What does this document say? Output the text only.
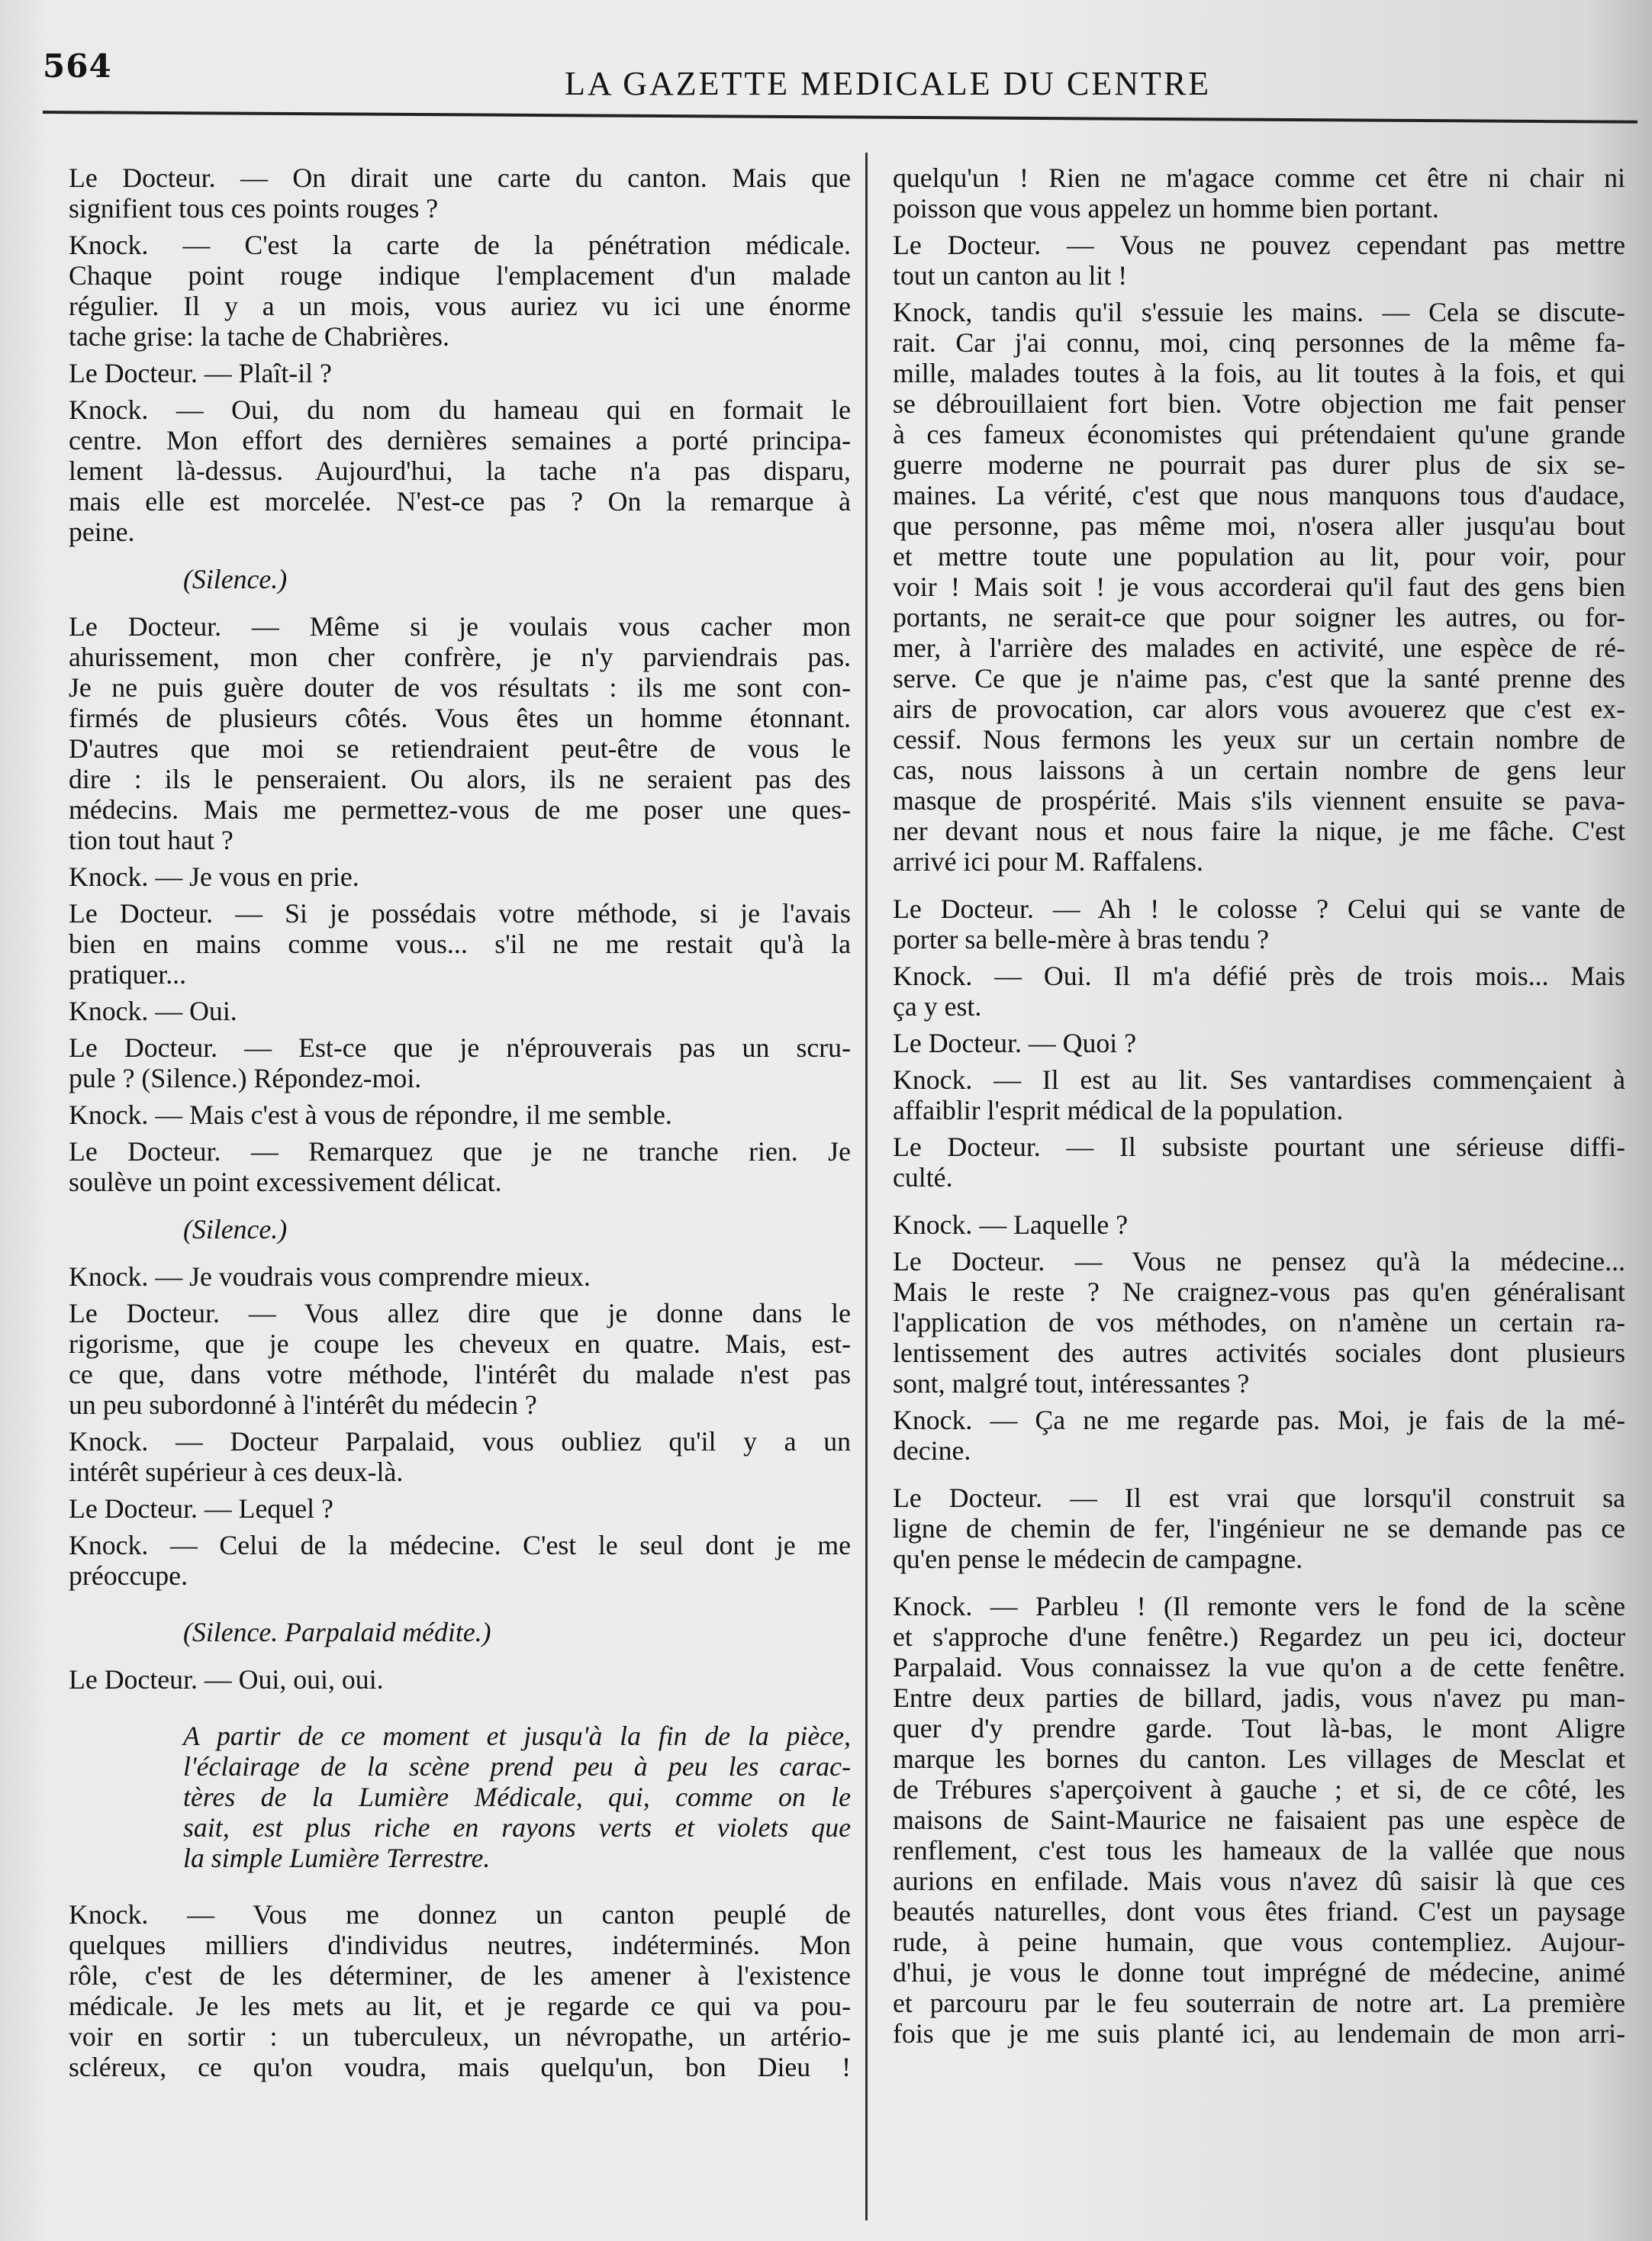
564	LA GAZETTE MEDICALE DU CENTRE
Le Docteur. — On dirait une carte du canton. Mais que
signifient tous ces points rouges ?
Knock. — C'est la carte de la pénétration médicale.
Chaque point rouge indique l'emplacement d'un malade
régulier. Il y a un mois, vous auriez vu ici une énorme
tache grise: la tache de Chabrières.
Le Docteur. — Plaît-il ?
Knock. — Oui, du nom du hameau qui en formait le
centre. Mon effort des dernières semaines a porté principa-
lement là-dessus. Aujourd'hui, la tache n'a pas disparu,
mais elle est morcelée. N'est-ce pas ? On la remarque à
peine.
(Silence.)
Le Docteur. — Même si je voulais vous cacher mon
ahurissement, mon cher confrère, je n'y parviendrais pas.
Je ne puis guère douter de vos résultats : ils me sont con-
firmés de plusieurs côtés. Vous êtes un homme étonnant.
D'autres que moi se retiendraient peut-être de vous le
dire : ils le penseraient. Ou alors, ils ne seraient pas des
médecins. Mais me permettez-vous de me poser une ques-
tion tout haut ?
Knock. — Je vous en prie.
Le Docteur. — Si je possédais votre méthode, si je l'avais
bien en mains comme vous... s'il ne me restait qu'à la
pratiquer...
Knock. — Oui.
Le Docteur. — Est-ce que je n'éprouverais pas un scru-
pule ? (Silence.) Répondez-moi.
Knock. — Mais c'est à vous de répondre, il me semble.
Le Docteur. — Remarquez que je ne tranche rien. Je
soulève un point excessivement délicat.
(Silence.)
Knock. — Je voudrais vous comprendre mieux.
Le Docteur. — Vous allez dire que je donne dans le
rigorisme, que je coupe les cheveux en quatre. Mais, est-
ce que, dans votre méthode, l'intérêt du malade n'est pas
un peu subordonné à l'intérêt du médecin ?
Knock. — Docteur Parpalaid, vous oubliez qu'il y a un
intérêt supérieur à ces deux-là.
Le Docteur. — Lequel ?
Knock. — Celui de la médecine. C'est le seul dont je me
préoccupe.
(Silence. Parpalaid médite.)
Le Docteur. — Oui, oui, oui.
A partir de ce moment et jusqu'à la fin de la pièce,
l'éclairage de la scène prend peu à peu les carac-
tères de la Lumière Médicale, qui, comme on le
sait, est plus riche en rayons verts et violets que
la simple Lumière Terrestre.
Knock. — Vous me donnez un canton peuplé de
quelques milliers d'individus neutres, indéterminés. Mon
rôle, c'est de les déterminer, de les amener à l'existence
médicale. Je les mets au lit, et je regarde ce qui va pou-
voir en sortir : un tuberculeux, un névropathe, un artério-
scléreux, ce qu'on voudra, mais quelqu'un, bon Dieu !
quelqu'un ! Rien ne m'agace comme cet être ni chair ni
poisson que vous appelez un homme bien portant.
Le Docteur. — Vous ne pouvez cependant pas mettre
tout un canton au lit !
Knock, tandis qu'il s'essuie les mains. — Cela se discute-
rait. Car j'ai connu, moi, cinq personnes de la même fa-
mille, malades toutes à la fois, au lit toutes à la fois, et qui
se débrouillaient fort bien. Votre objection me fait penser
à ces fameux économistes qui prétendaient qu'une grande
guerre moderne ne pourrait pas durer plus de six se-
maines. La vérité, c'est que nous manquons tous d'audace,
que personne, pas même moi, n'osera aller jusqu'au bout
et mettre toute une population au lit, pour voir, pour
voir ! Mais soit ! je vous accorderai qu'il faut des gens bien
portants, ne serait-ce que pour soigner les autres, ou for-
mer, à l'arrière des malades en activité, une espèce de ré-
serve. Ce que je n'aime pas, c'est que la santé prenne des
airs de provocation, car alors vous avouerez que c'est ex-
cessif. Nous fermons les yeux sur un certain nombre de
cas, nous laissons à un certain nombre de gens leur
masque de prospérité. Mais s'ils viennent ensuite se pava-
ner devant nous et nous faire la nique, je me fâche. C'est
arrivé ici pour M. Raffalens.
Le Docteur. — Ah ! le colosse ? Celui qui se vante de
porter sa belle-mère à bras tendu ?
Knock. — Oui. Il m'a défié près de trois mois... Mais
ça y est.
Le Docteur. — Quoi ?
Knock. — Il est au lit. Ses vantardises commençaient à
affaiblir l'esprit médical de la population.
Le Docteur. — Il subsiste pourtant une sérieuse diffi-
culté.
Knock. — Laquelle ?
Le Docteur. — Vous ne pensez qu'à la médecine...
Mais le reste ? Ne craignez-vous pas qu'en généralisant
l'application de vos méthodes, on n'amène un certain ra-
lentissement des autres activités sociales dont plusieurs
sont, malgré tout, intéressantes ?
Knock. — Ça ne me regarde pas. Moi, je fais de la mé-
decine.
Le Docteur. — Il est vrai que lorsqu'il construit sa
ligne de chemin de fer, l'ingénieur ne se demande pas ce
qu'en pense le médecin de campagne.
Knock. — Parbleu ! (Il remonte vers le fond de la scène
et s'approche d'une fenêtre.) Regardez un peu ici, docteur
Parpalaid. Vous connaissez la vue qu'on a de cette fenêtre.
Entre deux parties de billard, jadis, vous n'avez pu man-
quer d'y prendre garde. Tout là-bas, le mont Aligre
marque les bornes du canton. Les villages de Mesclat et
de Trébures s'aperçoivent à gauche ; et si, de ce côté, les
maisons de Saint-Maurice ne faisaient pas une espèce de
renflement, c'est tous les hameaux de la vallée que nous
aurions en enfilade. Mais vous n'avez dû saisir là que ces
beautés naturelles, dont vous êtes friand. C'est un paysage
rude, à peine humain, que vous contempliez. Aujour-
d'hui, je vous le donne tout imprégné de médecine, animé
et parcouru par le feu souterrain de notre art. La première
fois que je me suis planté ici, au lendemain de mon arri-
